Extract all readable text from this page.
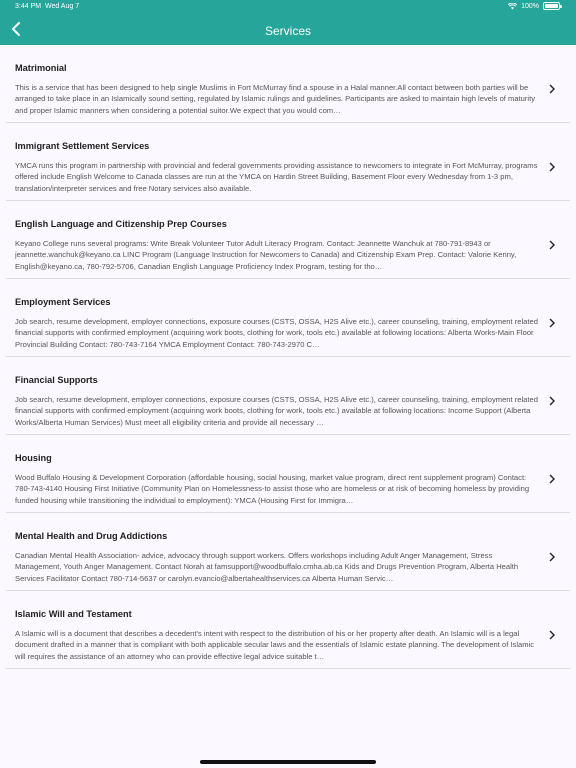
3:44 PM Wed Aug 7	100%
Services
Matrimonial
This is a service that has been designed to help single Muslims in Fort McMurray find a spouse in a Halal manner.All contact between both parties will be arranged to take place in an Islamically sound setting, regulated by Islamic rulings and guidelines. Participants are asked to maintain high levels of maturity and proper Islamic manners when considering a potential suitor.We expect that you would com…
Immigrant Settlement Services
YMCA runs this program in partnership with provincial and federal governments providing assistance to newcomers to integrate in Fort McMurray, programs offered include English Welcome to Canada classes are run at the YMCA on Hardin Street Building, Basement Floor every Wednesday from 1-3 pm, translation/interpreter services and free Notary services also available.
English Language and Citizenship Prep Courses
Keyano College runs several programs: Write Break Volunteer Tutor Adult Literacy Program. Contact: Jeannette Wanchuk at 780-791-8943 or jeannette.wanchuk@keyano.ca LINC Program (Language Instruction for Newcomers to Canada) and Citizenship Exam Prep. Contact: Valorie Kenny, English@keyano.ca, 780-792-5706, Canadian English Language Proficiency Index Program, testing for tho…
Employment Services
Job search, resume development, employer connections, exposure courses (CSTS, OSSA, H2S Alive etc.), career counseling, training, employment related financial supports with confirmed employment (acquiring work boots, clothing for work, tools etc.) available at following locations: Alberta Works-Main Floor Provincial Building Contact: 780-743-7164 YMCA Employment Contact: 780-743-2970 C…
Financial Supports
Job search, resume development, employer connections, exposure courses (CSTS, OSSA, H2S Alive etc.), career counseling, training, employment related financial supports with confirmed employment (acquiring work boots, clothing for work, tools etc.) available at following locations: Income Support (Alberta Works/Alberta Human Services) Must meet all eligibility criteria and provide all necessary …
Housing
Wood Buffalo Housing & Development Corporation (affordable housing, social housing, market value program, direct rent supplement program) Contact: 780-743-4140 Housing First Initiative (Community Plan on Homelessness-to assist those who are homeless or at risk of becoming homeless by providing funded housing while transitioning the individual to employment): YMCA (Housing First for Immigra…
Mental Health and Drug Addictions
Canadian Mental Health Association- advice, advocacy through support workers. Offers workshops including Adult Anger Management, Stress Management, Youth Anger Management. Contact Norah at famsupport@woodbuffalo.cmha.ab.ca Kids and Drugs Prevention Program, Alberta Health Services Facilitator Contact 780-714-5637 or carolyn.evancio@albertahealthservices.ca Alberta Human Servic…
Islamic Will and Testament
A Islamic will is a document that describes a decedent's intent with respect to the distribution of his or her property after death. An Islamic will is a legal document drafted in a manner that is compliant with both applicable secular laws and the essentials of Islamic estate planning. The development of Islamic will requires the assistance of an attorney who can provide effective legal advice suitable t…
